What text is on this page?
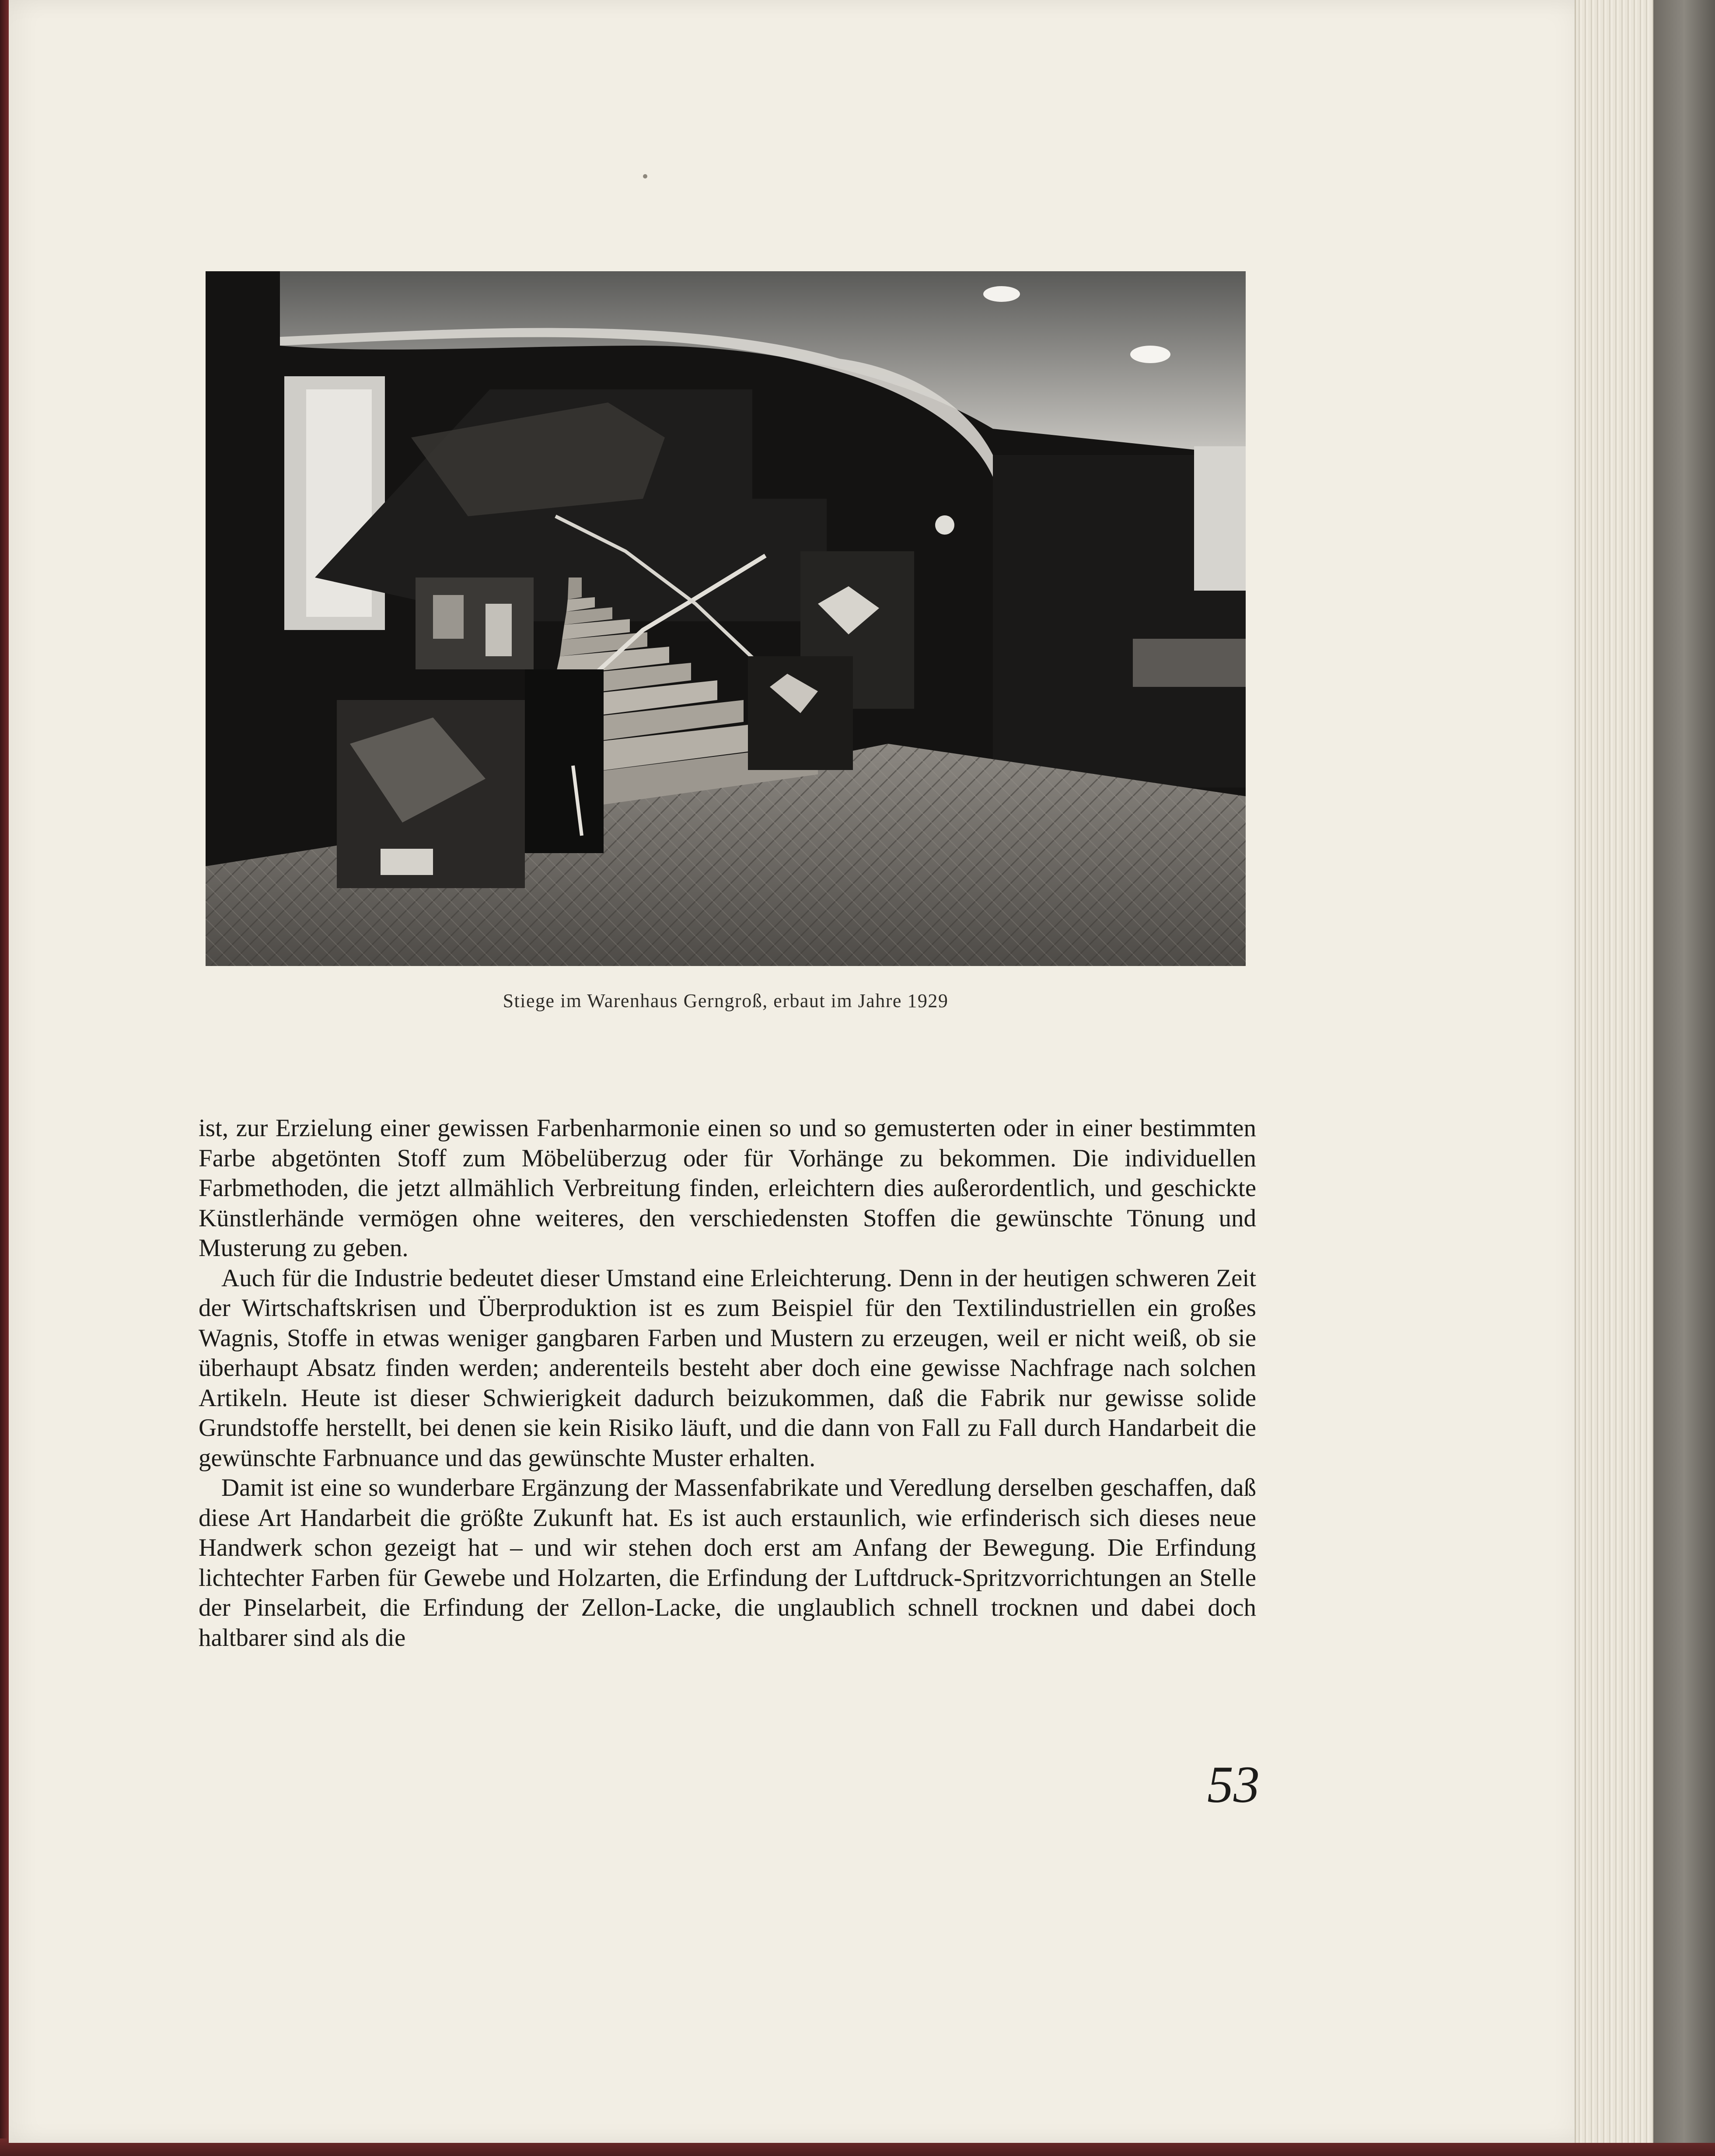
Stiege im Warenhaus Gerngroß, erbaut im Jahre 1929

ist, zur Erzielung einer gewissen Farbenharmonie einen so und so gemusterten oder in einer bestimmten Farbe abgetönten Stoff zum Möbelüberzug oder für Vorhänge zu bekommen. Die individuellen Farbmethoden, die jetzt allmählich Verbreitung finden, erleichtern dies außerordentlich, und geschickte Künstlerhände vermögen ohne weiteres, den verschiedensten Stoffen die gewünschte Tönung und Musterung zu geben.

Auch für die Industrie bedeutet dieser Umstand eine Erleichterung. Denn in der heutigen schweren Zeit der Wirtschaftskrisen und Überproduktion ist es zum Beispiel für den Textilindustriellen ein großes Wagnis, Stoffe in etwas weniger gangbaren Farben und Mustern zu erzeugen, weil er nicht weiß, ob sie überhaupt Absatz finden werden; anderenteils besteht aber doch eine gewisse Nachfrage nach solchen Artikeln. Heute ist dieser Schwierigkeit dadurch beizukommen, daß die Fabrik nur gewisse solide Grundstoffe herstellt, bei denen sie kein Risiko läuft, und die dann von Fall zu Fall durch Handarbeit die gewünschte Farbnuance und das gewünschte Muster erhalten.

Damit ist eine so wunderbare Ergänzung der Massenfabrikate und Veredlung derselben geschaffen, daß diese Art Handarbeit die größte Zukunft hat. Es ist auch erstaunlich, wie erfinderisch sich dieses neue Handwerk schon gezeigt hat – und wir stehen doch erst am Anfang der Bewegung. Die Erfindung lichtechter Farben für Gewebe und Holzarten, die Erfindung der Luftdruck-Spritzvorrichtungen an Stelle der Pinselarbeit, die Erfindung der Zellon-Lacke, die unglaublich schnell trocknen und dabei doch haltbarer sind als die

53
